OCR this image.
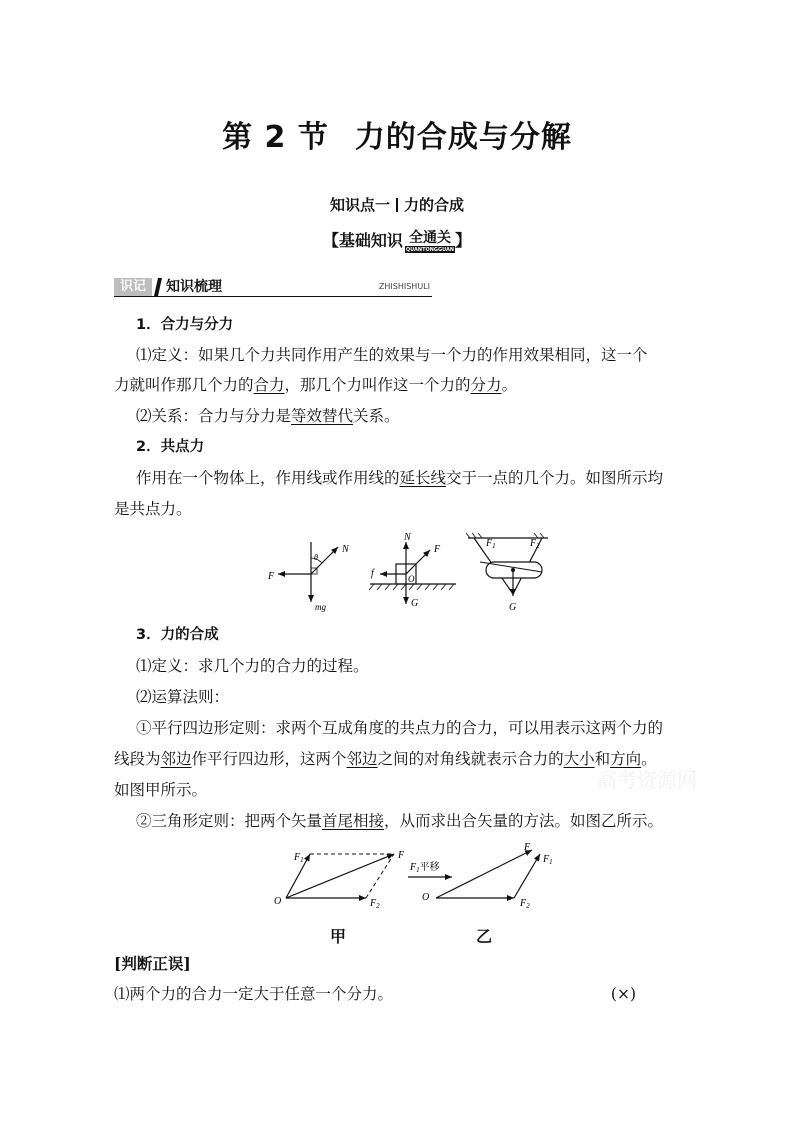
第 2 节 力的合成与分解
知识点一 力的合成
【基础知识 全通关
QUANTONGGUAN 】
识记	知识梳理	ZHISHISHULI
1．合力与分力
⑴定义：如果几个力共同作用产生的效果与一个力的作用效果相同，这一个
力就叫作那几个力的合力，那几个力叫作这一个力的分力。
⑵关系：合力与分力是等效替代关系。
2．共点力
作用在一个物体上，作用线或作用线的延长线交于一点的几个力。如图所示均
是共点力。
F
N
θ
mg
N
F
f	O
G
$F_1$	$F_2$
G
3．力的合成
⑴定义：求几个力的合力的过程。
⑵运算法则：
①平行四边形定则：求两个互成角度的共点力的合力，可以用表示这两个力的
线段为邻边作平行四边形，这两个邻边之间的对角线就表示合力的大小和方向。
如图甲所示。
②三角形定则：把两个矢量首尾相接，从而求出合矢量的方法。如图乙所示。
高考资源网
$F_1$	F
O	$F_2$
$F_1$平移
O
$F_2$
F
$F_1$
甲	乙
[判断正误]
⑴两个力的合力一定大于任意一个分力。	(×)
